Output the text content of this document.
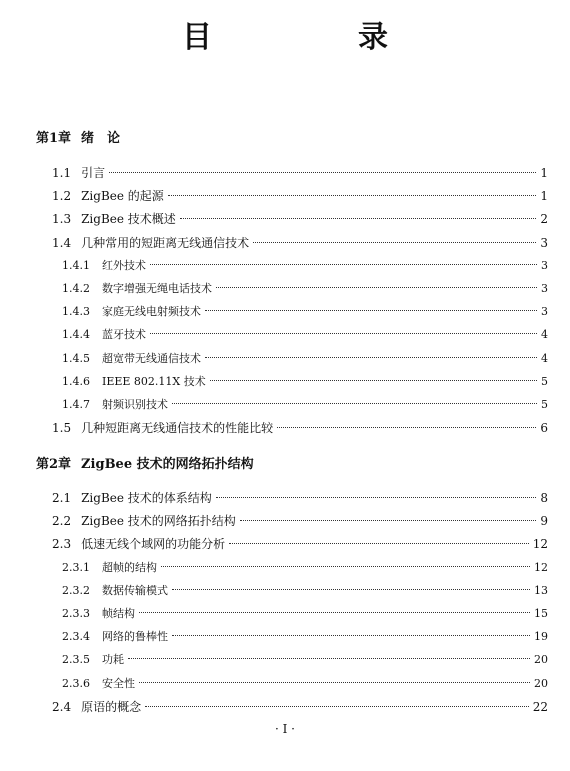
目　录
第1章 绪　论
1.1 引言	1
1.2 ZigBee 的起源	1
1.3 ZigBee 技术概述	2
1.4 几种常用的短距离无线通信技术	3
1.4.1 红外技术	3
1.4.2 数字增强无绳电话技术	3
1.4.3 家庭无线电射频技术	3
1.4.4 蓝牙技术	4
1.4.5 超宽带无线通信技术	4
1.4.6 IEEE 802.11X 技术	5
1.4.7 射频识别技术	5
1.5 几种短距离无线通信技术的性能比较	6
第2章 ZigBee 技术的网络拓扑结构
2.1 ZigBee 技术的体系结构	8
2.2 ZigBee 技术的网络拓扑结构	9
2.3 低速无线个域网的功能分析	12
2.3.1 超帧的结构	12
2.3.2 数据传输模式	13
2.3.3 帧结构	15
2.3.4 网络的鲁棒性	19
2.3.5 功耗	20
2.3.6 安全性	20
2.4 原语的概念	22
· I ·
